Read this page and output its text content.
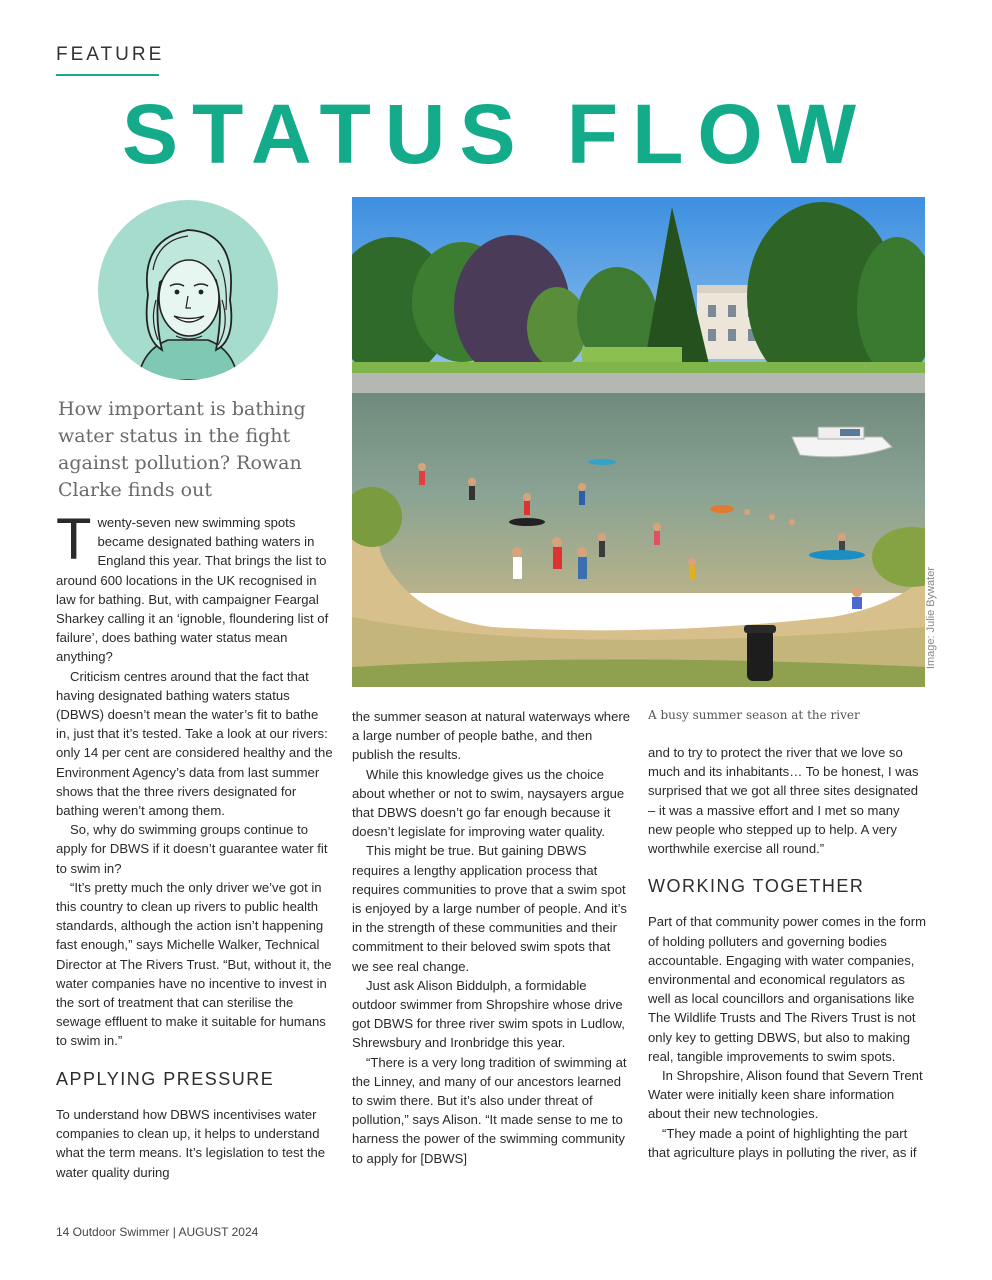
FEATURE
STATUS FLOW
Image: Julie Bywater
A busy summer season at the river
How important is bathing water status in the fight against pollution? Rowan Clarke finds out

Twenty-seven new swimming spots became designated bathing waters in England this year. That brings the list to around 600 locations in the UK recognised in law for bathing. But, with campaigner Feargal Sharkey calling it an ‘ignoble, floundering list of failure’, does bathing water status mean anything?

Criticism centres around that the fact that having designated bathing waters status (DBWS) doesn’t mean the water’s fit to bathe in, just that it’s tested. Take a look at our rivers: only 14 per cent are considered healthy and the Environment Agency’s data from last summer shows that the three rivers designated for bathing weren’t among them.

So, why do swimming groups continue to apply for DBWS if it doesn’t guarantee water fit to swim in?

“It’s pretty much the only driver we’ve got in this country to clean up rivers to public health standards, although the action isn’t happening fast enough,” says Michelle Walker, Technical Director at The Rivers Trust. “But, without it, the water companies have no incentive to invest in the sort of treatment that can sterilise the sewage effluent to make it suitable for humans to swim in.”

APPLYING PRESSURE

To understand how DBWS incentivises water companies to clean up, it helps to understand what the term means. It’s legislation to test the water quality during

the summer season at natural waterways where a large number of people bathe, and then publish the results.

While this knowledge gives us the choice about whether or not to swim, naysayers argue that DBWS doesn’t go far enough because it doesn’t legislate for improving water quality.

This might be true. But gaining DBWS requires a lengthy application process that requires communities to prove that a swim spot is enjoyed by a large number of people. And it’s in the strength of these communities and their commitment to their beloved swim spots that we see real change.

Just ask Alison Biddulph, a formidable outdoor swimmer from Shropshire whose drive got DBWS for three river swim spots in Ludlow, Shrewsbury and Ironbridge this year.

“There is a very long tradition of swimming at the Linney, and many of our ancestors learned to swim there. But it’s also under threat of pollution,” says Alison. “It made sense to me to harness the power of the swimming community to apply for [DBWS]

and to try to protect the river that we love so much and its inhabitants… To be honest, I was surprised that we got all three sites designated – it was a massive effort and I met so many new people who stepped up to help. A very worthwhile exercise all round.”

WORKING TOGETHER

Part of that community power comes in the form of holding polluters and governing bodies accountable. Engaging with water companies, environmental and economical regulators as well as local councillors and organisations like The Wildlife Trusts and The Rivers Trust is not only key to getting DBWS, but also to making real, tangible improvements to swim spots.

In Shropshire, Alison found that Severn Trent Water were initially keen share information about their new technologies.

“They made a point of highlighting the part that agriculture plays in polluting the river, as if

14 Outdoor Swimmer | AUGUST 2024
